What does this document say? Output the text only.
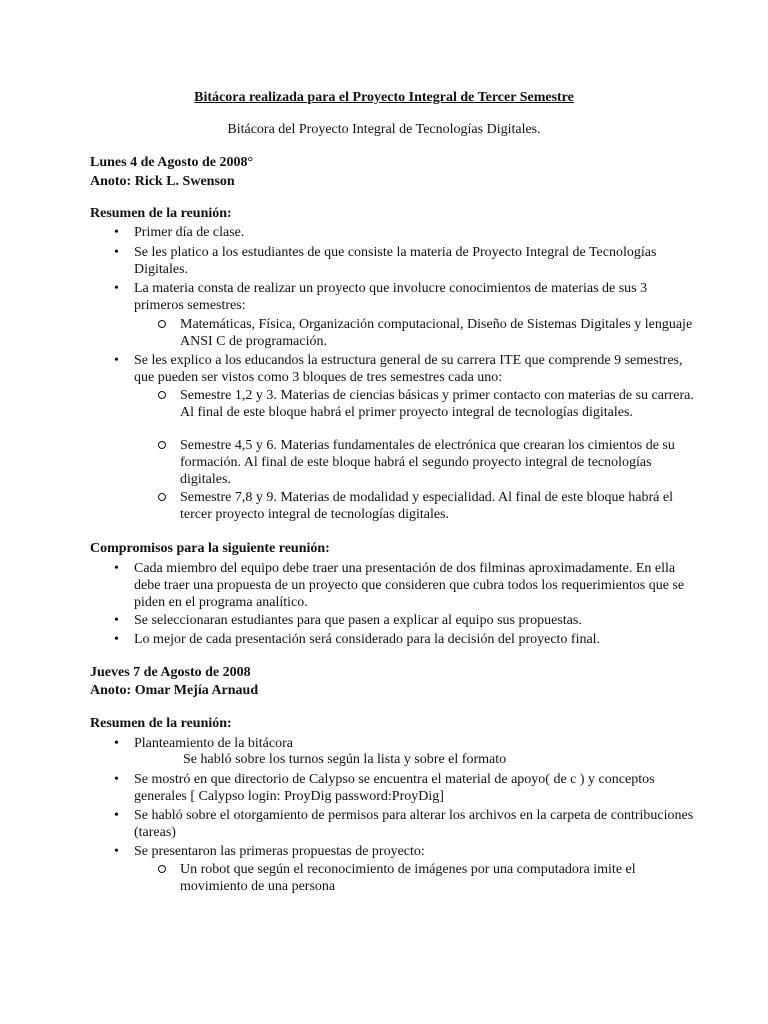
Bitácora realizada para el Proyecto Integral de Tercer Semestre
Bitácora del Proyecto Integral de Tecnologías Digitales.
Lunes 4 de Agosto de 2008°
Anoto: Rick L. Swenson
Resumen de la reunión:
• Primer día de clase.
• Se les platico a los estudiantes de que consiste la materia de Proyecto Integral de Tecnologías Digitales.
• La materia consta de realizar un proyecto que involucre conocimientos de materias de sus 3 primeros semestres:
Matemáticas, Física, Organización computacional, Diseño de Sistemas Digitales y lenguaje ANSI C de programación.
• Se les explico a los educandos la estructura general de su carrera ITE que comprende 9 semestres, que pueden ser vistos como 3 bloques de tres semestres cada uno:
Semestre 1,2 y 3. Materias de ciencias básicas y primer contacto con materias de su carrera. Al final de este bloque habrá el primer proyecto integral de tecnologías digitales.
Semestre 4,5 y 6. Materias fundamentales de electrónica que crearan los cimientos de su formación. Al final de este bloque habrá el segundo proyecto integral de tecnologías digitales.
Semestre 7,8 y 9. Materias de modalidad y especialidad. Al final de este bloque habrá el tercer proyecto integral de tecnologías digitales.
Compromisos para la siguiente reunión:
• Cada miembro del equipo debe traer una presentación de dos filminas aproximadamente. En ella debe traer una propuesta de un proyecto que consideren que cubra todos los requerimientos que se piden en el programa analítico.
• Se seleccionaran estudiantes para que pasen a explicar al equipo sus propuestas.
• Lo mejor de cada presentación será considerado para la decisión del proyecto final.
Jueves 7 de Agosto de 2008
Anoto: Omar Mejía Arnaud
Resumen de la reunión:
• Planteamiento de la bitácora
Se habló sobre los turnos según la lista y sobre el formato
• Se mostró en que directorio de Calypso se encuentra el material de apoyo( de c ) y conceptos generales [ Calypso login: ProyDig password:ProyDig]
• Se habló sobre el otorgamiento de permisos para alterar los archivos en la carpeta de contribuciones (tareas)
• Se presentaron las primeras propuestas de proyecto:
Un robot que según el reconocimiento de imágenes por una computadora imite el movimiento de una persona
